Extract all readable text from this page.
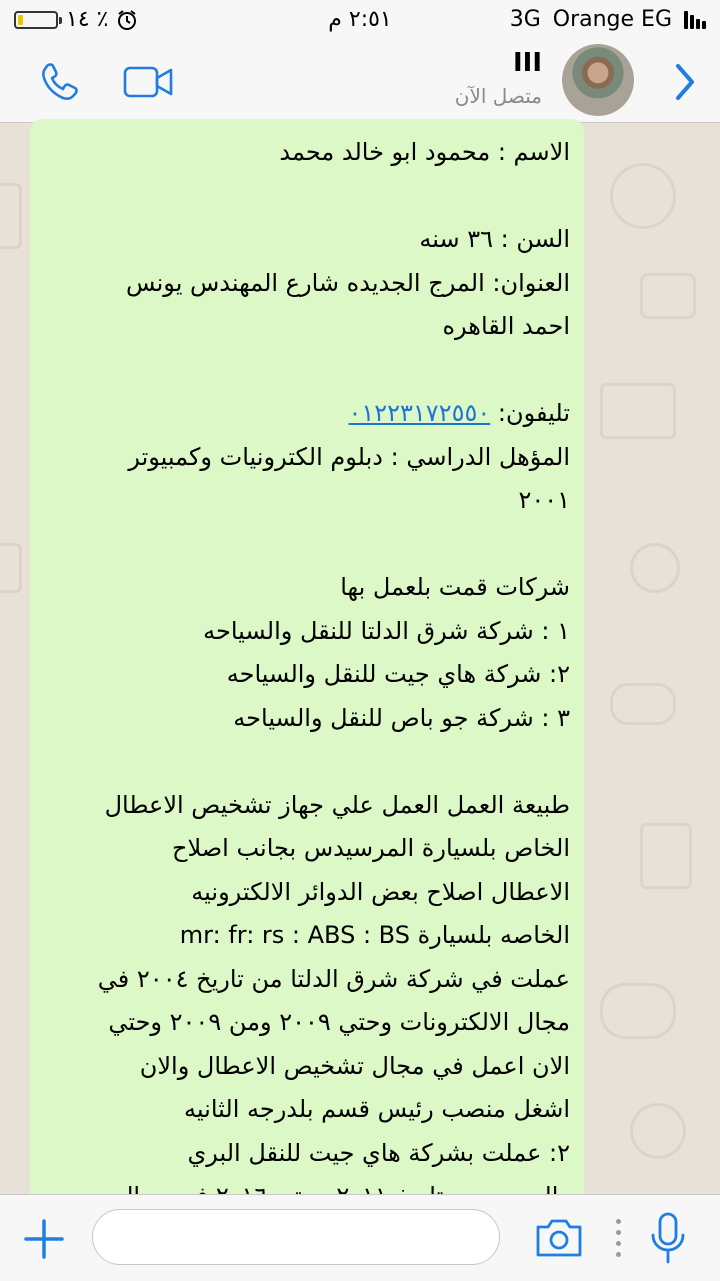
١٤ ٪	٢:٥١ م	3G Orange EG
III
متصل الآن
الاسم : محمود ابو خالد محمد
السن : ٣٦ سنه
العنوان: المرج الجديده شارع المهندس يونس
احمد القاهره
تليفون: ٠١٢٢٣١٧٢٥٥٠
المؤهل الدراسي : دبلوم الكترونيات وكمبيوتر
٢٠٠١
شركات قمت بلعمل بها
١ : شركة شرق الدلتا للنقل والسياحه
٢: شركة هاي جيت للنقل والسياحه
٣ : شركة جو باص للنقل والسياحه
طبيعة العمل العمل علي جهاز تشخيص الاعطال
الخاص بلسيارة المرسيدس بجانب اصلاح
الاعطال اصلاح بعض الدوائر الالكترونيه
الخاصه بلسيارة mr: fr: rs : ABS : BS
عملت في شركة شرق الدلتا من تاريخ ٢٠٠٤ في
مجال الالكترونات وحتي ٢٠٠٩ ومن ٢٠٠٩ وحتي
الان اعمل في مجال تشخيص الاعطال والان
اشغل منصب رئيس قسم بلدرجه الثانيه
٢: عملت بشركة هاي جيت للنقل البري
